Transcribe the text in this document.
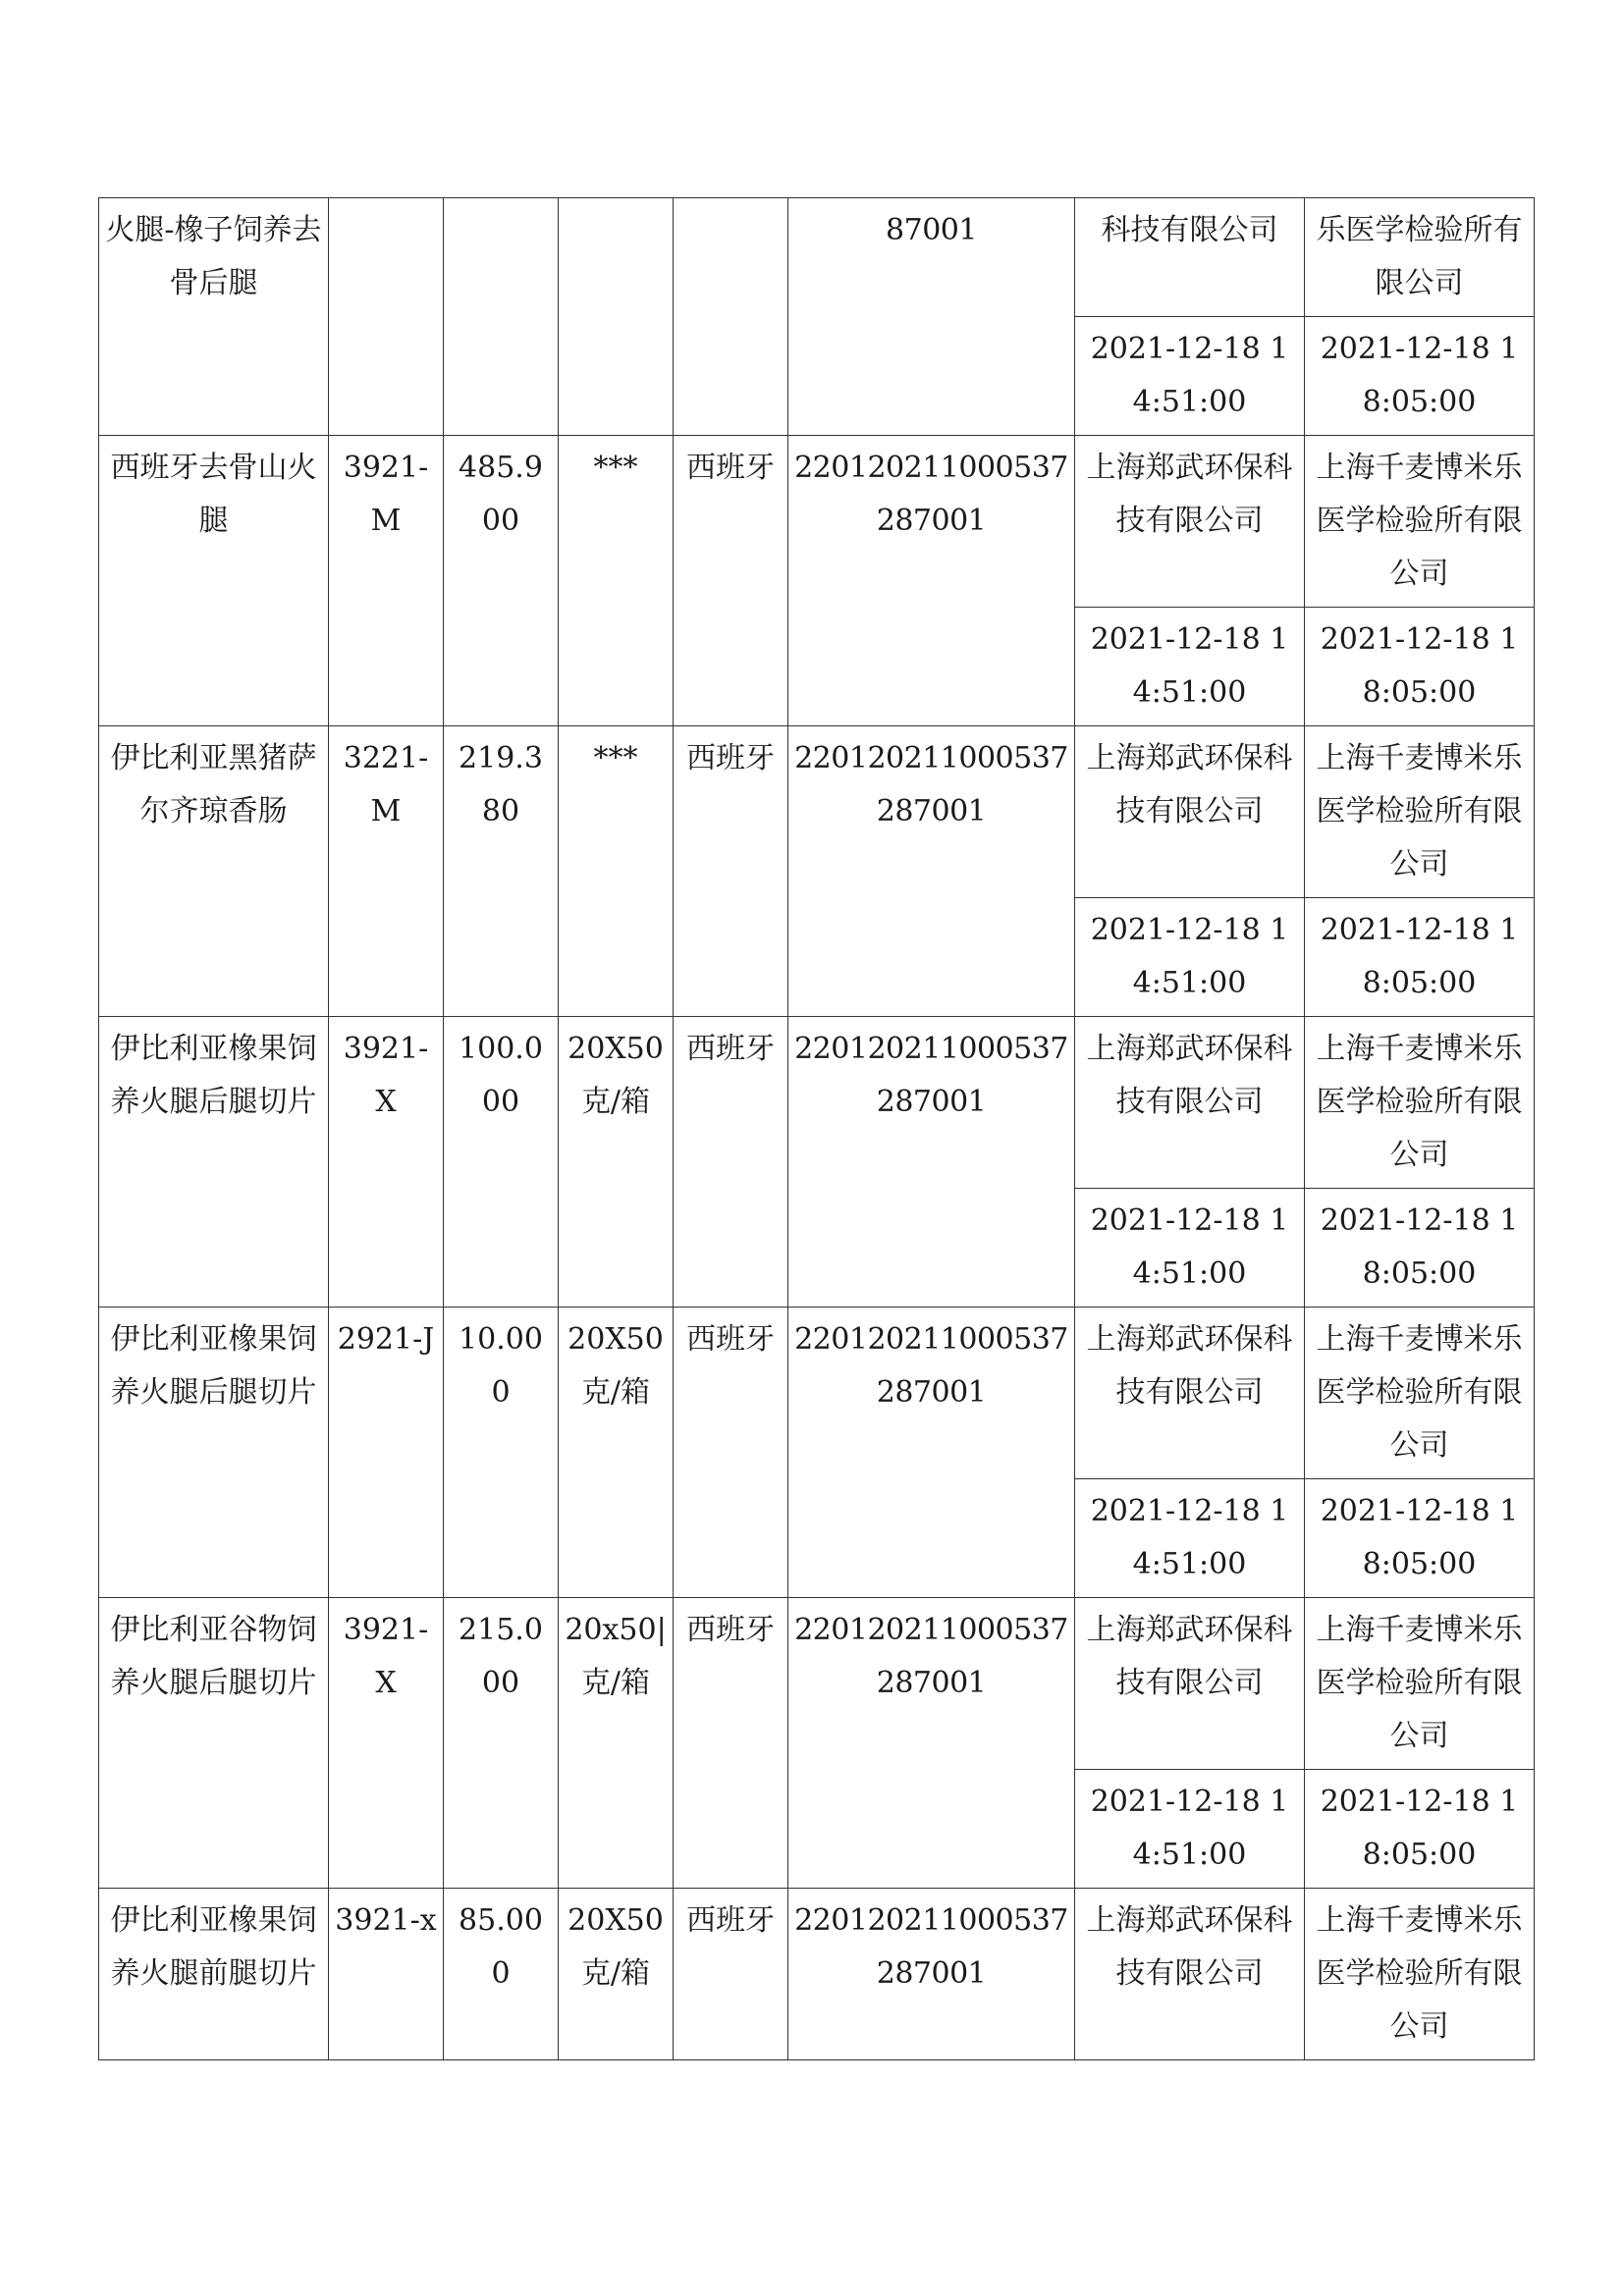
火腿-橡子饲养去骨后腿					87001	科技有限公司	乐医学检验所有限公司
						2021-12-18 14:51:00	2021-12-18 18:05:00
西班牙去骨山火腿	3921-M	485.900	***	西班牙	220120211000537287001	上海郑武环保科技有限公司	上海千麦博米乐医学检验所有限公司
						2021-12-18 14:51:00	2021-12-18 18:05:00
伊比利亚黑猪萨尔齐琼香肠	3221-M	219.380	***	西班牙	220120211000537287001	上海郑武环保科技有限公司	上海千麦博米乐医学检验所有限公司
						2021-12-18 14:51:00	2021-12-18 18:05:00
伊比利亚橡果饲养火腿后腿切片	3921-X	100.000	20X50克/箱	西班牙	220120211000537287001	上海郑武环保科技有限公司	上海千麦博米乐医学检验所有限公司
						2021-12-18 14:51:00	2021-12-18 18:05:00
伊比利亚橡果饲养火腿后腿切片	2921-J	10.000	20X50克/箱	西班牙	220120211000537287001	上海郑武环保科技有限公司	上海千麦博米乐医学检验所有限公司
						2021-12-18 14:51:00	2021-12-18 18:05:00
伊比利亚谷物饲养火腿后腿切片	3921-X	215.000	20x50|克/箱	西班牙	220120211000537287001	上海郑武环保科技有限公司	上海千麦博米乐医学检验所有限公司
						2021-12-18 14:51:00	2021-12-18 18:05:00
伊比利亚橡果饲养火腿前腿切片	3921-x	85.000	20X50克/箱	西班牙	220120211000537287001	上海郑武环保科技有限公司	上海千麦博米乐医学检验所有限公司
